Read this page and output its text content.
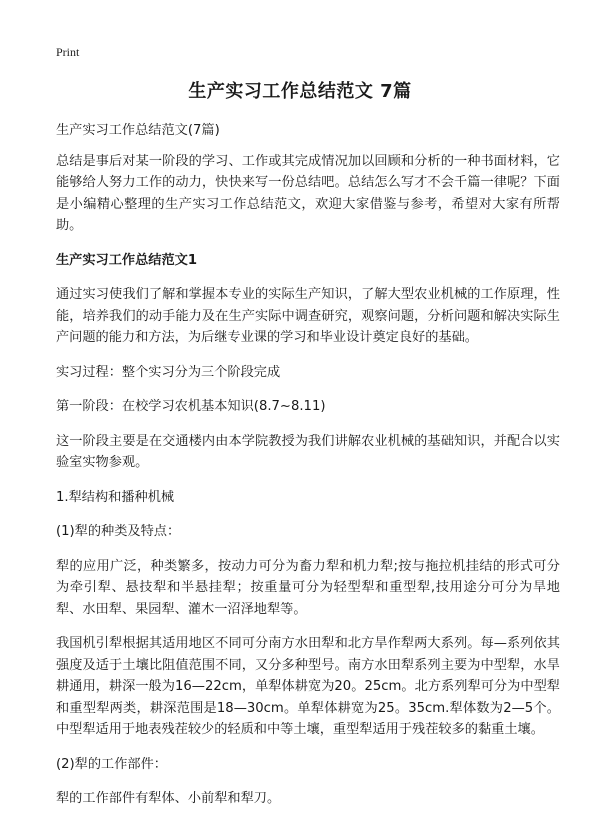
Print
生产实习工作总结范文 7篇

生产实习工作总结范文(7篇)

总结是事后对某一阶段的学习、工作或其完成情况加以回顾和分析的一种书面材料，它能够给人努力工作的动力，快快来写一份总结吧。总结怎么写才不会千篇一律呢？下面是小编精心整理的生产实习工作总结范文，欢迎大家借鉴与参考，希望对大家有所帮助。

生产实习工作总结范文1

通过实习使我们了解和掌握本专业的实际生产知识，了解大型农业机械的工作原理，性能，培养我们的动手能力及在生产实际中调查研究，观察问题，分析问题和解决实际生产问题的能力和方法，为后继专业课的学习和毕业设计奠定良好的基础。

实习过程：整个实习分为三个阶段完成

第一阶段：在校学习农机基本知识(8.7~8.11)

这一阶段主要是在交通楼内由本学院教授为我们讲解农业机械的基础知识，并配合以实验室实物参观。

1.犁结构和播种机械

(1)犁的种类及特点：

犁的应用广泛，种类繁多，按动力可分为畜力犁和机力犁;按与拖拉机挂结的形式可分为牵引犁、悬技犁和半悬挂犁；按重量可分为轻型犁和重型犁,技用途分可分为旱地犁、水田犁、果园犁、灌木一沼泽地犁等。

我国机引犁根据其适用地区不同可分南方水田犁和北方旱作犁两大系列。每—系列依其强度及适于土壤比阻值范围不同，又分多种型号。南方水田犁系列主要为中型犁，水旱耕通用，耕深一般为16—22cm，单犁体耕宽为20。25cm。北方系列犁可分为中型犁和重型犁两类，耕深范围是18—30cm。单犁体耕宽为25。35cm.犁体数为2—5个。中型犁适用于地表残茬较少的轻质和中等土壤，重型犁适用于残茬较多的黏重土壤。

(2)犁的工作部件：

犁的工作部件有犁体、小前犁和犁刀。
